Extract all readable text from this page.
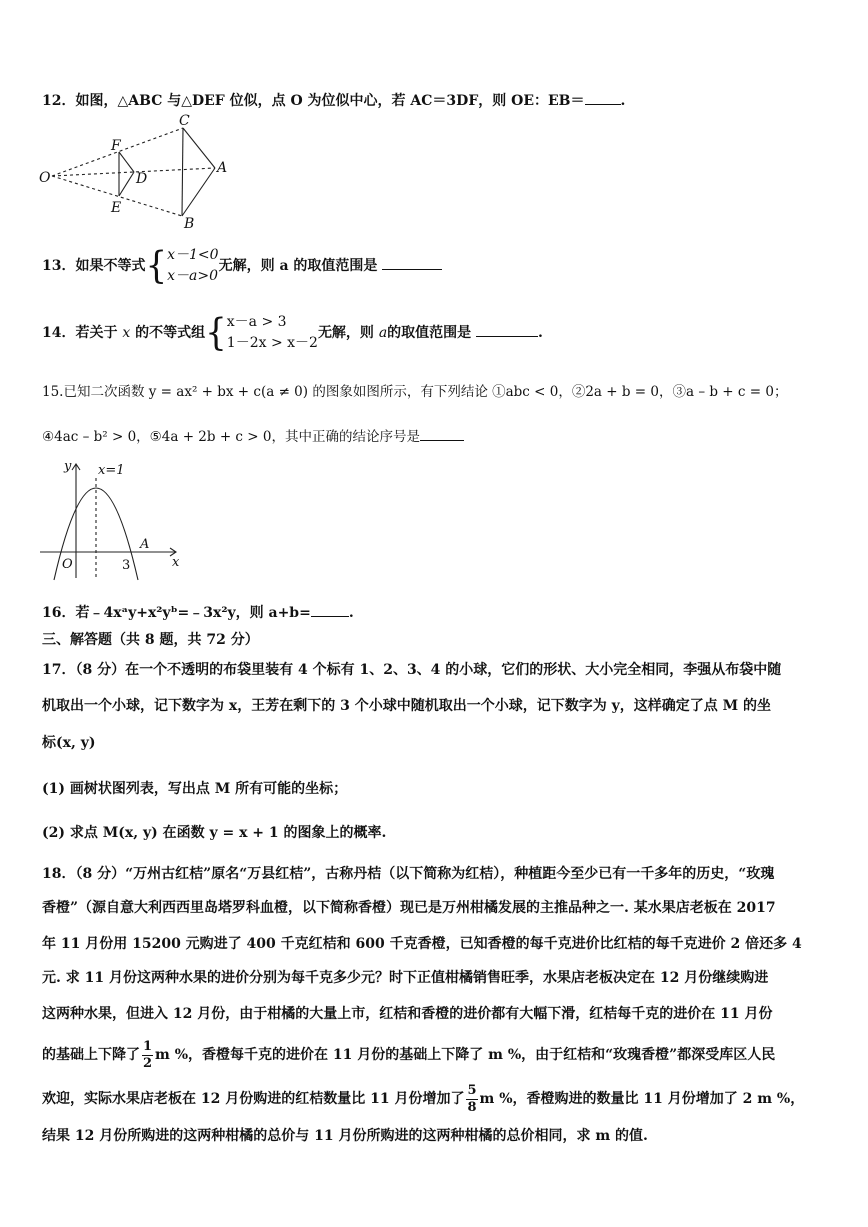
12．如图，△ABC 与△DEF 位似，点 O 为位似中心，若 AC＝3DF，则 OE：EB＝	.
C
F
O	D
A
E
B
13．如果不等式{ x－1<0
x－a>0
无解，则 a 的取值范围是
14．若关于 x 的不等式组{ x－a > 3
1－2x > x－2
无解，则 a的取值范围是	.
15.已知二次函数 y = ax² + bx + c(a ≠ 0) 的图象如图所示，有下列结论 ①abc < 0，②2a + b = 0，③a – b + c = 0；
④4ac – b² > 0，⑤4a + 2b + c > 0，其中正确的结论序号是
y x=1
O	3
A
x
16．若﹣4xᵃy+x²yᵇ=﹣3x²y，则 a+b=	.
三、解答题（共 8 题，共 72 分）
17．（8 分）在一个不透明的布袋里装有 4 个标有 1、2、3、4 的小球，它们的形状、大小完全相同，李强从布袋中随
机取出一个小球，记下数字为 x，王芳在剩下的 3 个小球中随机取出一个小球，记下数字为 y，这样确定了点 M 的坐
标(x, y)
(1) 画树状图列表，写出点 M 所有可能的坐标；
(2) 求点 M(x, y) 在函数 y = x + 1 的图象上的概率.
18．（8 分）“万州古红桔”原名“万县红桔”，古称丹桔（以下简称为红桔），种植距今至少已有一千多年的历史，“玫瑰
香橙”（源自意大利西西里岛塔罗科血橙，以下简称香橙）现已是万州柑橘发展的主推品种之一. 某水果店老板在 2017
年 11 月份用 15200 元购进了 400 千克红桔和 600 千克香橙，已知香橙的每千克进价比红桔的每千克进价 2 倍还多 4
元. 求 11 月份这两种水果的进价分别为每千克多少元？时下正值柑橘销售旺季，水果店老板决定在 12 月份继续购进
这两种水果，但进入 12 月份，由于柑橘的大量上市，红桔和香橙的进价都有大幅下滑，红桔每千克的进价在 11 月份
的基础上下降了 $\frac{1}{2}$ m %，香橙每千克的进价在 11 月份的基础上下降了 m %，由于红桔和“玫瑰香橙”都深受库区人民
欢迎，实际水果店老板在 12 月份购进的红桔数量比 11 月份增加了 $\frac{5}{8}$ m %，香橙购进的数量比 11 月份增加了 2 m %，
结果 12 月份所购进的这两种柑橘的总价与 11 月份所购进的这两种柑橘的总价相同，求 m 的值.
